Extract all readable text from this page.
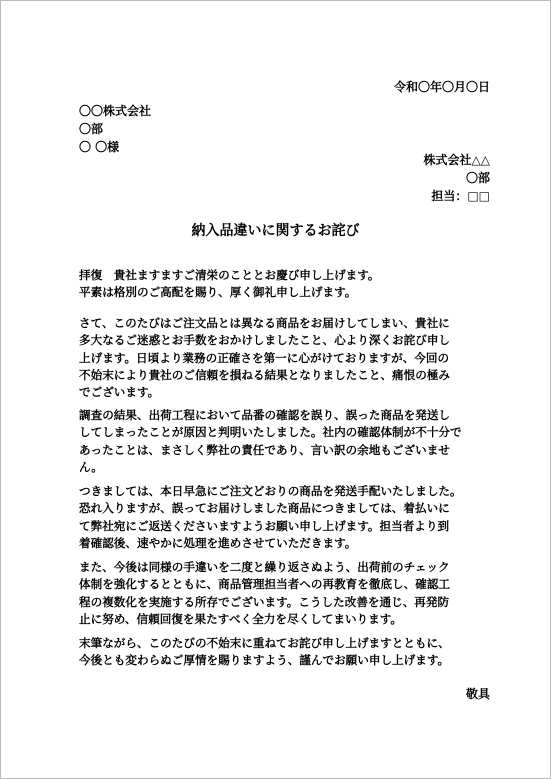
令和〇年〇月〇日
〇〇株式会社
〇部
〇 〇様
株式会社△△
〇部
担当：□□
納入品違いに関するお詫び
拝復　貴社ますますご清栄のこととお慶び申し上げます。
平素は格別のご高配を賜り、厚く御礼申し上げます。
さて、このたびはご注文品とは異なる商品をお届けしてしまい、貴社に
多大なるご迷惑とお手数をおかけしましたこと、心より深くお詫び申し
上げます。日頃より業務の正確さを第一に心がけておりますが、今回の
不始末により貴社のご信頼を損ねる結果となりましたこと、痛恨の極み
でございます。
調査の結果、出荷工程において品番の確認を誤り、誤った商品を発送し
してしまったことが原因と判明いたしました。社内の確認体制が不十分で
あったことは、まさしく弊社の責任であり、言い訳の余地もございませ
ん。
つきましては、本日早急にご注文どおりの商品を発送手配いたしました。
恐れ入りますが、誤ってお届けしました商品につきましては、着払いに
て弊社宛にご返送くださいますようお願い申し上げます。担当者より到
着確認後、速やかに処理を進めさせていただきます。
また、今後は同様の手違いを二度と繰り返さぬよう、出荷前のチェック
体制を強化するとともに、商品管理担当者への再教育を徹底し、確認工
程の複数化を実施する所存でございます。こうした改善を通じ、再発防
止に努め、信頼回復を果たすべく全力を尽くしてまいります。
末筆ながら、このたびの不始末に重ねてお詫び申し上げますとともに、
今後とも変わらぬご厚情を賜りますよう、謹んでお願い申し上げます。
敬具
